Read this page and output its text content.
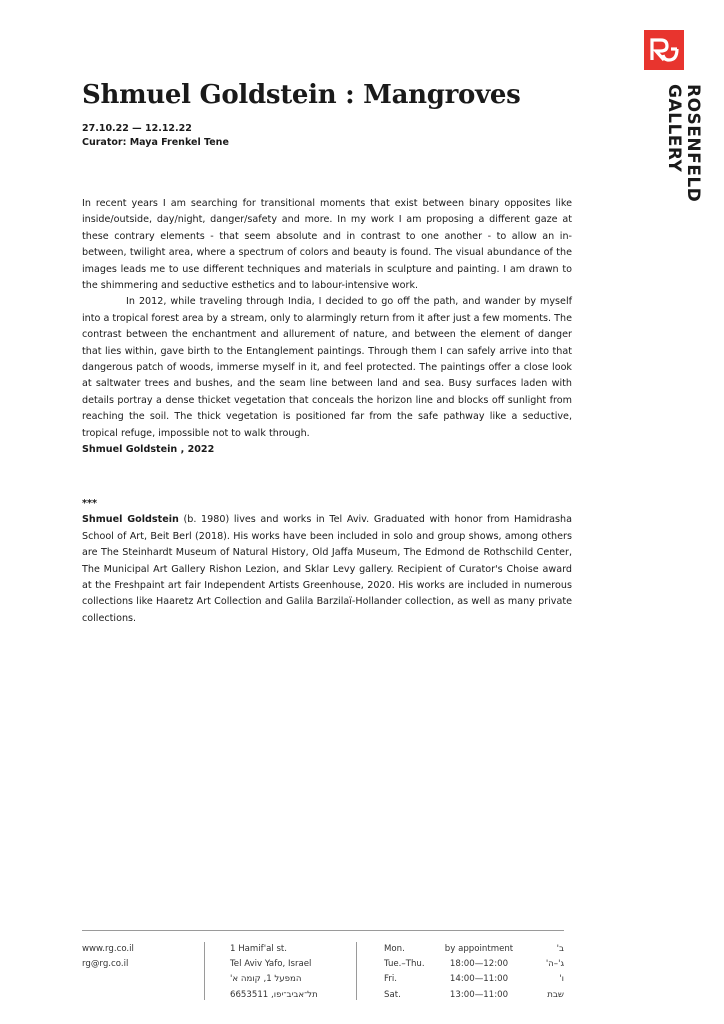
ROSENFELD
GALLERY
Shmuel Goldstein : Mangroves
27.10.22 — 12.12.22
Curator: Maya Frenkel Tene

In recent years I am searching for transitional moments that exist between binary opposites like inside/outside, day/night, danger/safety and more. In my work I am proposing a different gaze at these contrary elements - that seem absolute and in contrast to one another - to allow an in-between, twilight area, where a spectrum of colors and beauty is found. The visual abundance of the images leads me to use different techniques and materials in sculpture and painting. I am drawn to the shimmering and seductive esthetics and to labour-intensive work.

In 2012, while traveling through India, I decided to go off the path, and wander by myself into a tropical forest area by a stream, only to alarmingly return from it after just a few moments. The contrast between the enchantment and allurement of nature, and between the element of danger that lies within, gave birth to the Entanglement paintings. Through them I can safely arrive into that dangerous patch of woods, immerse myself in it, and feel protected. The paintings offer a close look at saltwater trees and bushes, and the seam line between land and sea. Busy surfaces laden with details portray a dense thicket vegetation that conceals the horizon line and blocks off sunlight from reaching the soil. The thick vegetation is positioned far from the safe pathway like a seductive, tropical refuge, impossible not to walk through.

Shmuel Goldstein , 2022

***

Shmuel Goldstein (b. 1980) lives and works in Tel Aviv. Graduated with honor from Hamidrasha School of Art, Beit Berl (2018). His works have been included in solo and group shows, among others are The Steinhardt Museum of Natural History, Old Jaffa Museum, The Edmond de Rothschild Center, The Municipal Art Gallery Rishon Lezion, and Sklar Levy gallery. Recipient of Curator's Choise award at the Freshpaint art fair Independent Artists Greenhouse, 2020. His works are included in numerous collections like Haaretz Art Collection and Galila Barzilaï-Hollander collection, as well as many private collections.

www.rg.co.il
rg@rg.co.il
1 Hamif'al st.
Tel Aviv Yafo, Israel
המפעל 1, קומה א'
תל־אביב־יפו, 6653511
Mon.	by appointment	ב'
Tue.–Thu.	18:00—12:00	ג'–ה'
Fri.	14:00—11:00	ו'
Sat.	13:00—11:00	שבת
